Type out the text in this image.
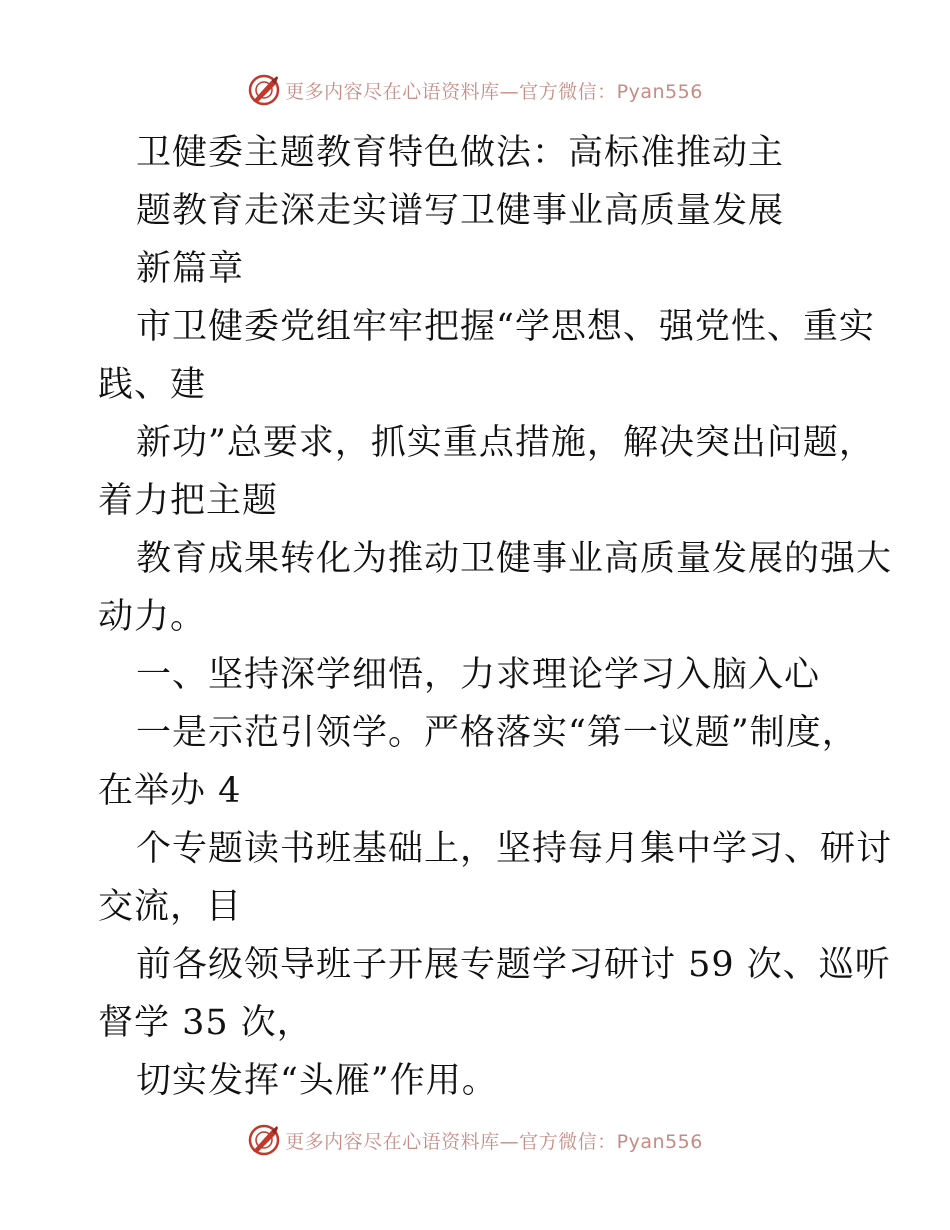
更多内容尽在心语资料库—官方微信：Pyan556
卫健委主题教育特色做法：高标准推动主
题教育走深走实谱写卫健事业高质量发展
新篇章
市卫健委党组牢牢把握“学思想、强党性、重实
践、建
新功”总要求，抓实重点措施，解决突出问题，
着力把主题
教育成果转化为推动卫健事业高质量发展的强大
动力。
一、坚持深学细悟，力求理论学习入脑入心
一是示范引领学。严格落实“第一议题”制度，
在举办 4
个专题读书班基础上，坚持每月集中学习、研讨
交流，目
前各级领导班子开展专题学习研讨 59 次、巡听
督学 35 次，
切实发挥“头雁”作用。
更多内容尽在心语资料库—官方微信：Pyan556
